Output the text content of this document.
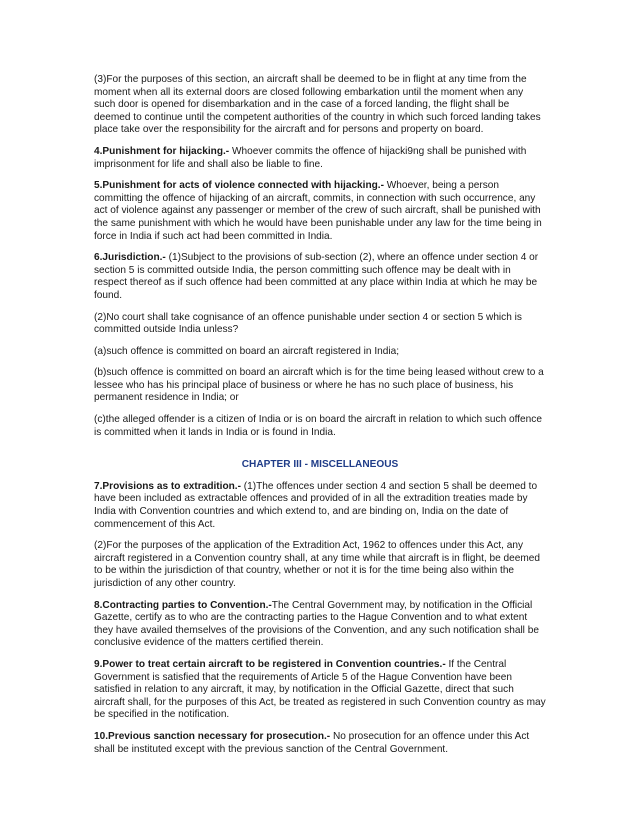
(3)For the purposes of this section, an aircraft shall be deemed to be in flight at any time from the moment when all its external doors are closed following embarkation until the moment when any such door is opened for disembarkation and in the case of a forced landing, the flight shall be deemed to continue until the competent authorities of the country in which such forced landing takes place take over the responsibility for the aircraft and for persons and property on board.

4.Punishment for hijacking.- Whoever commits the offence of hijacki9ng shall be punished with imprisonment for life and shall also be liable to fine.

5.Punishment for acts of violence connected with hijacking.- Whoever, being a person committing the offence of hijacking of an aircraft, commits, in connection with such occurrence, any act of violence against any passenger or member of the crew of such aircraft, shall be punished with the same punishment with which he would have been punishable under any law for the time being in force in India if such act had been committed in India.

6.Jurisdiction.- (1)Subject to the provisions of sub-section (2), where an offence under section 4 or section 5 is committed outside India, the person committing such offence may be dealt with in respect thereof as if such offence had been committed at any place within India at which he may be found.

(2)No court shall take cognisance of an offence punishable under section 4 or section 5 which is committed outside India unless?

(a)such offence is committed on board an aircraft registered in India;

(b)such offence is committed on board an aircraft which is for the time being leased without crew to a lessee who has his principal place of business or where he has no such place of business, his permanent residence in India; or

(c)the alleged offender is a citizen of India or is on board the aircraft in relation to which such offence is committed when it lands in India or is found in India.

CHAPTER III - MISCELLANEOUS

7.Provisions as to extradition.- (1)The offences under section 4 and section 5 shall be deemed to have been included as extractable offences and provided of in all the extradition treaties made by India with Convention countries and which extend to, and are binding on, India on the date of commencement of this Act.

(2)For the purposes of the application of the Extradition Act, 1962 to offences under this Act, any aircraft registered in a Convention country shall, at any time while that aircraft is in flight, be deemed to be within the jurisdiction of that country, whether or not it is for the time being also within the jurisdiction of any other country.

8.Contracting parties to Convention.-The Central Government may, by notification in the Official Gazette, certify as to who are the contracting parties to the Hague Convention and to what extent they have availed themselves of the provisions of the Convention, and any such notification shall be conclusive evidence of the matters certified therein.

9.Power to treat certain aircraft to be registered in Convention countries.- If the Central Government is satisfied that the requirements of Article 5 of the Hague Convention have been satisfied in relation to any aircraft, it may, by notification in the Official Gazette, direct that such aircraft shall, for the purposes of this Act, be treated as registered in such Convention country as may be specified in the notification.

10.Previous sanction necessary for prosecution.- No prosecution for an offence under this Act shall be instituted except with the previous sanction of the Central Government.
